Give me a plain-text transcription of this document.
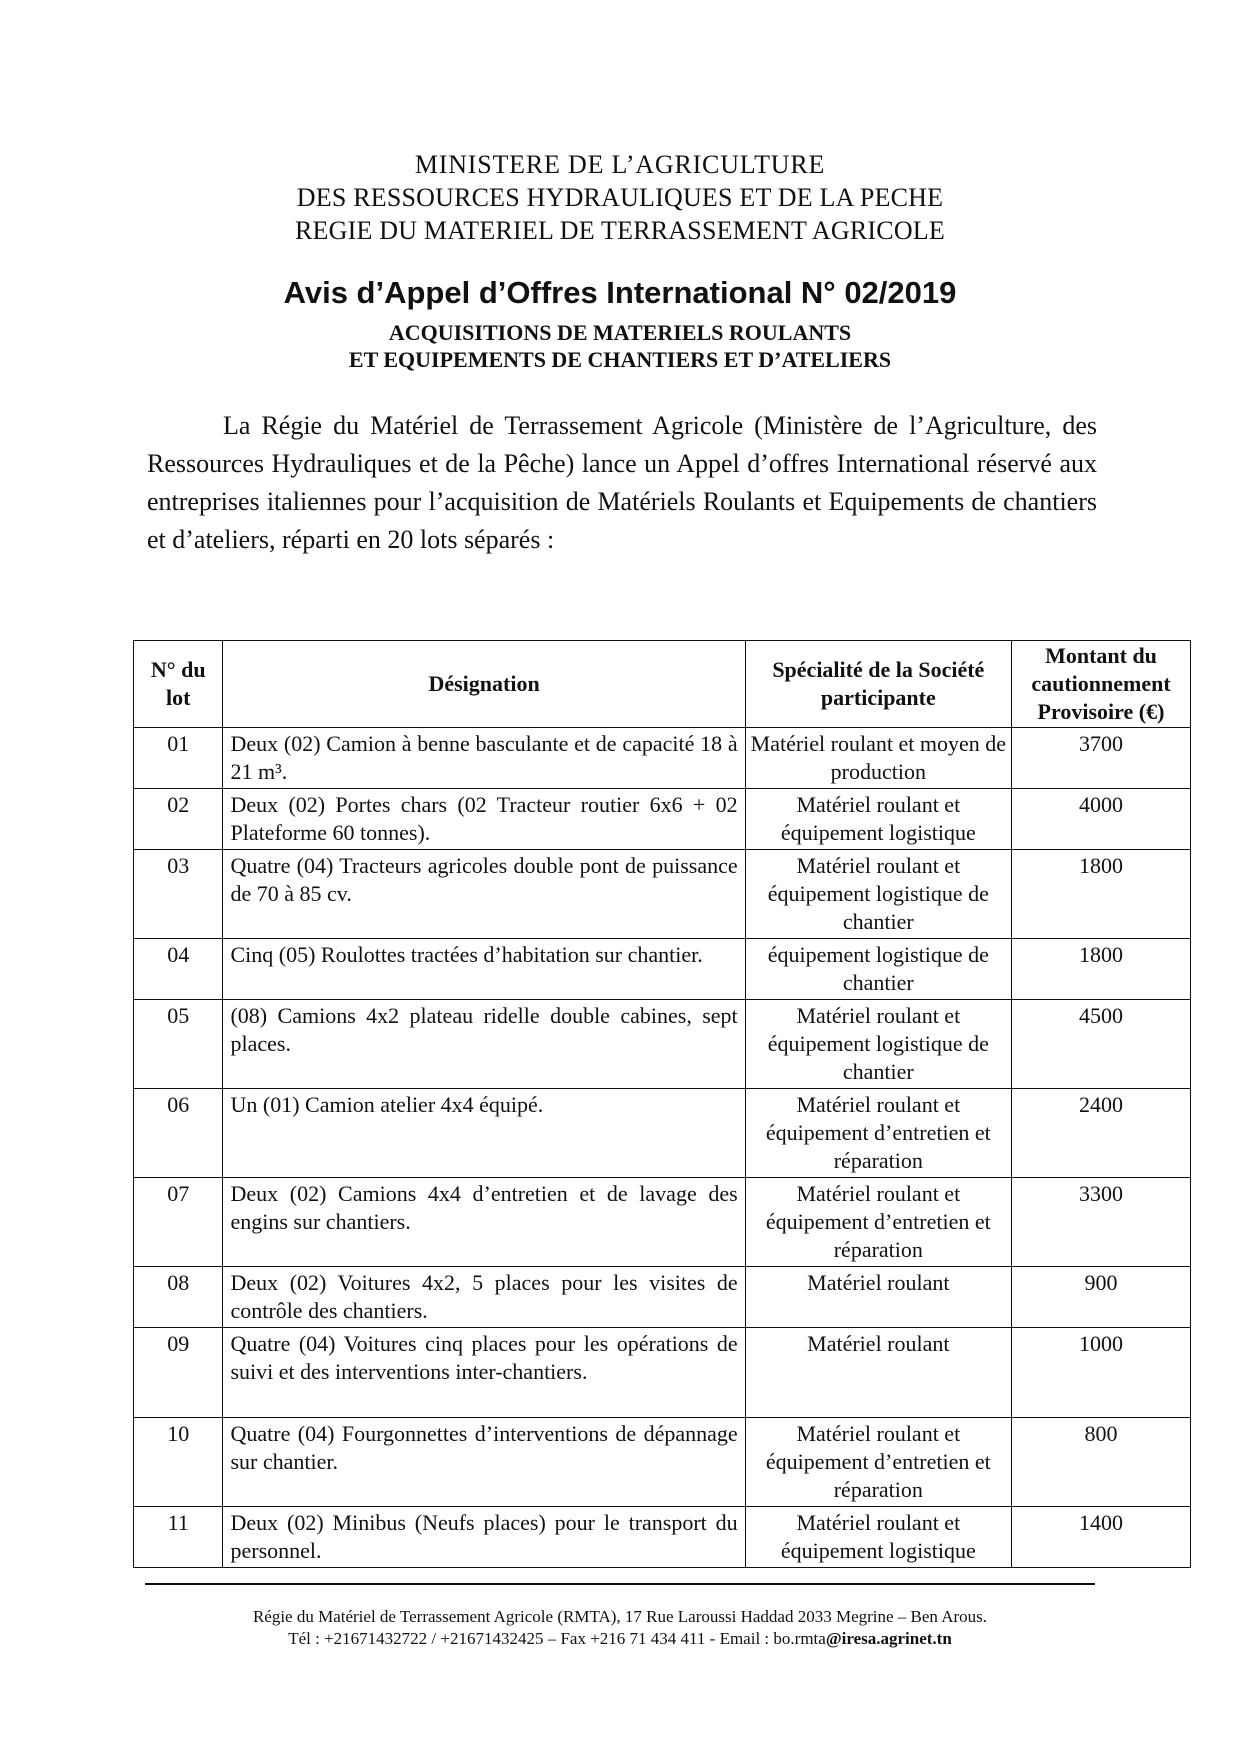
MINISTERE DE L’AGRICULTURE
DES RESSOURCES HYDRAULIQUES ET DE LA PECHE
REGIE DU MATERIEL DE TERRASSEMENT AGRICOLE
Avis d’Appel d’Offres International N° 02/2019
ACQUISITIONS DE MATERIELS ROULANTS
ET EQUIPEMENTS DE CHANTIERS ET D’ATELIERS

La Régie du Matériel de Terrassement Agricole (Ministère de l’Agriculture, des Ressources Hydrauliques et de la Pêche) lance un Appel d’offres International réservé aux entreprises italiennes pour l’acquisition de Matériels Roulants et Equipements de chantiers et d’ateliers, réparti en 20 lots séparés :

N° du lot	Désignation	Spécialité de la Société participante	Montant du cautionnement Provisoire (€)
01	Deux (02) Camion à benne basculante et de capacité 18 à 21 m³.	Matériel roulant et moyen de production	3700
02	Deux (02) Portes chars (02 Tracteur routier 6x6 + 02 Plateforme 60 tonnes).	Matériel roulant et équipement logistique	4000
03	Quatre (04) Tracteurs agricoles double pont de puissance de 70 à 85 cv.	Matériel roulant et équipement logistique de chantier	1800
04	Cinq (05) Roulottes tractées d’habitation sur chantier.	équipement logistique de chantier	1800
05	(08) Camions 4x2 plateau ridelle double cabines, sept places.	Matériel roulant et équipement logistique de chantier	4500
06	Un (01) Camion atelier 4x4 équipé.	Matériel roulant et équipement d’entretien et réparation	2400
07	Deux (02) Camions 4x4 d’entretien et de lavage des engins sur chantiers.	Matériel roulant et équipement d’entretien et réparation	3300
08	Deux (02) Voitures 4x2, 5 places pour les visites de contrôle des chantiers.	Matériel roulant	900
09	Quatre (04) Voitures cinq places pour les opérations de suivi et des interventions inter-chantiers.	Matériel roulant	1000
10	Quatre (04) Fourgonnettes d’interventions de dépannage sur chantier.	Matériel roulant et équipement d’entretien et réparation	800
11	Deux (02) Minibus (Neufs places) pour le transport du personnel.	Matériel roulant et équipement logistique	1400
Régie du Matériel de Terrassement Agricole (RMTA), 17 Rue Laroussi Haddad 2033 Megrine – Ben Arous.
Tél : +21671432722 / +21671432425 – Fax +216 71 434 411 - Email : bo.rmta@iresa.agrinet.tn
